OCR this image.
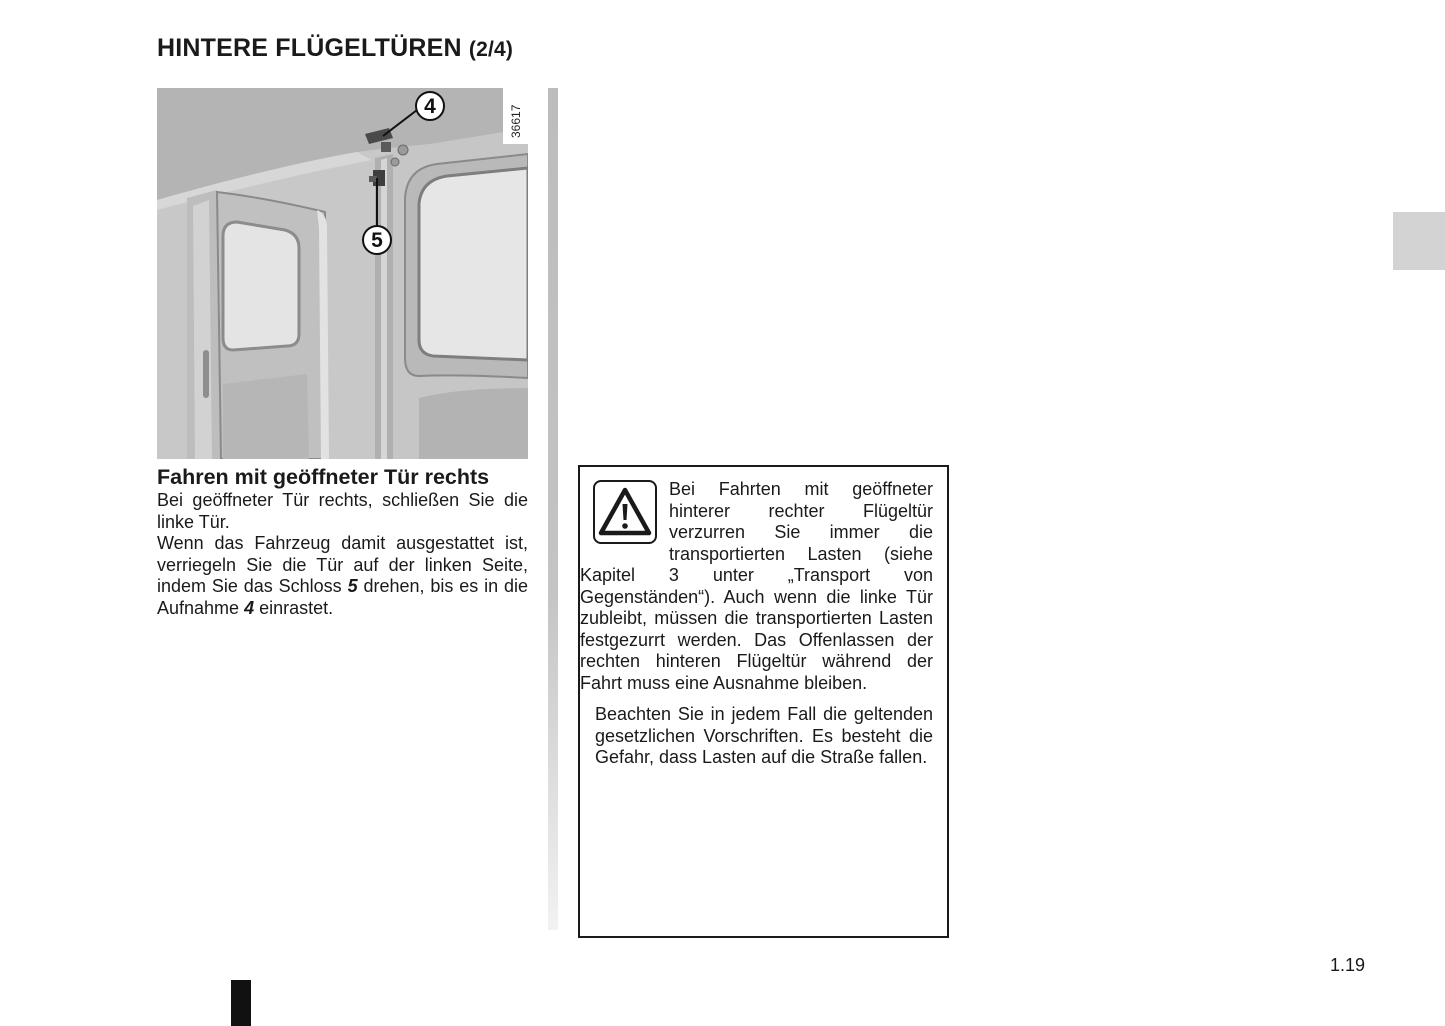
HINTERE FLÜGELTÜREN (2/4)
36617
4
5
Fahren mit geöffneter Tür rechts

Bei geöffneter Tür rechts, schließen Sie die linke Tür.

Wenn das Fahrzeug damit ausgestattet ist, verriegeln Sie die Tür auf der linken Seite, indem Sie das Schloss 5 drehen, bis es in die Aufnahme 4 einrastet.

Bei Fahrten mit geöffneter hinterer rechter Flügeltür verzurren Sie immer die transportierten Lasten (siehe Kapitel 3 unter „Transport von Gegenständen“). Auch wenn die linke Tür zubleibt, müssen die transportierten Lasten festgezurrt werden. Das Offenlassen der rechten hinteren Flügeltür während der Fahrt muss eine Ausnahme bleiben.

Beachten Sie in jedem Fall die geltenden gesetzlichen Vorschriften. Es besteht die Gefahr, dass Lasten auf die Straße fallen.

1.19
